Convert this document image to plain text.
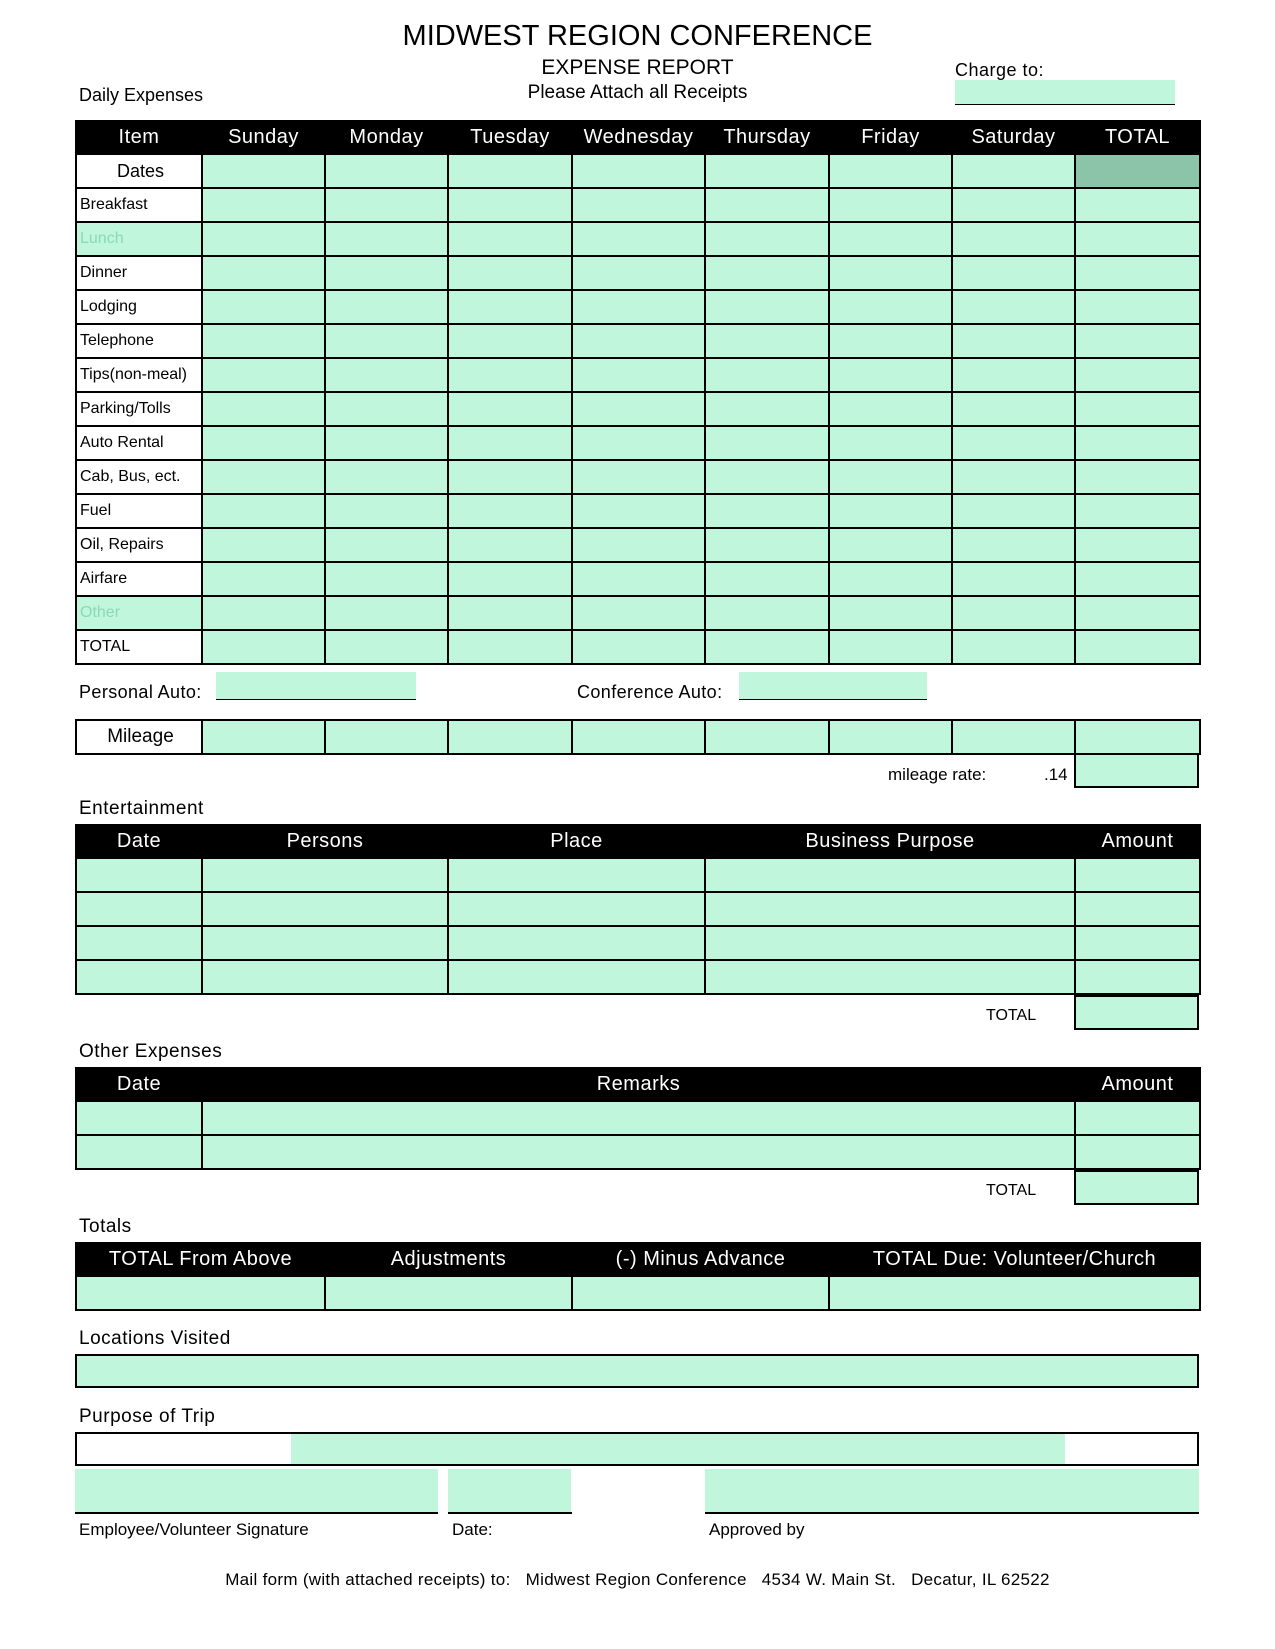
MIDWEST REGION CONFERENCE
EXPENSE REPORT
Please Attach all Receipts
Daily Expenses
Charge to:
Item	Sunday	Monday	Tuesday	Wednesday	Thursday	Friday	Saturday	TOTAL
Dates								
Breakfast								
Lunch								
Dinner								
Lodging								
Telephone								
Tips(non-meal)								
Parking/Tolls								
Auto Rental								
Cab, Bus, ect.								
Fuel								
Oil, Repairs								
Airfare								
Other								
TOTAL								
Personal Auto:	Conference Auto:
Mileage								
mileage rate:	.14
Entertainment
Date	Persons	Place	Business Purpose	Amount

TOTAL
Other Expenses
Date	Remarks	Amount

TOTAL
Totals
TOTAL From Above	Adjustments	(-) Minus Advance	TOTAL Due: Volunteer/Church

Locations Visited
Purpose of Trip
Employee/Volunteer Signature	Date:	Approved by
Mail form (with attached receipts) to:   Midwest Region Conference   4534 W. Main St.   Decatur, IL 62522
